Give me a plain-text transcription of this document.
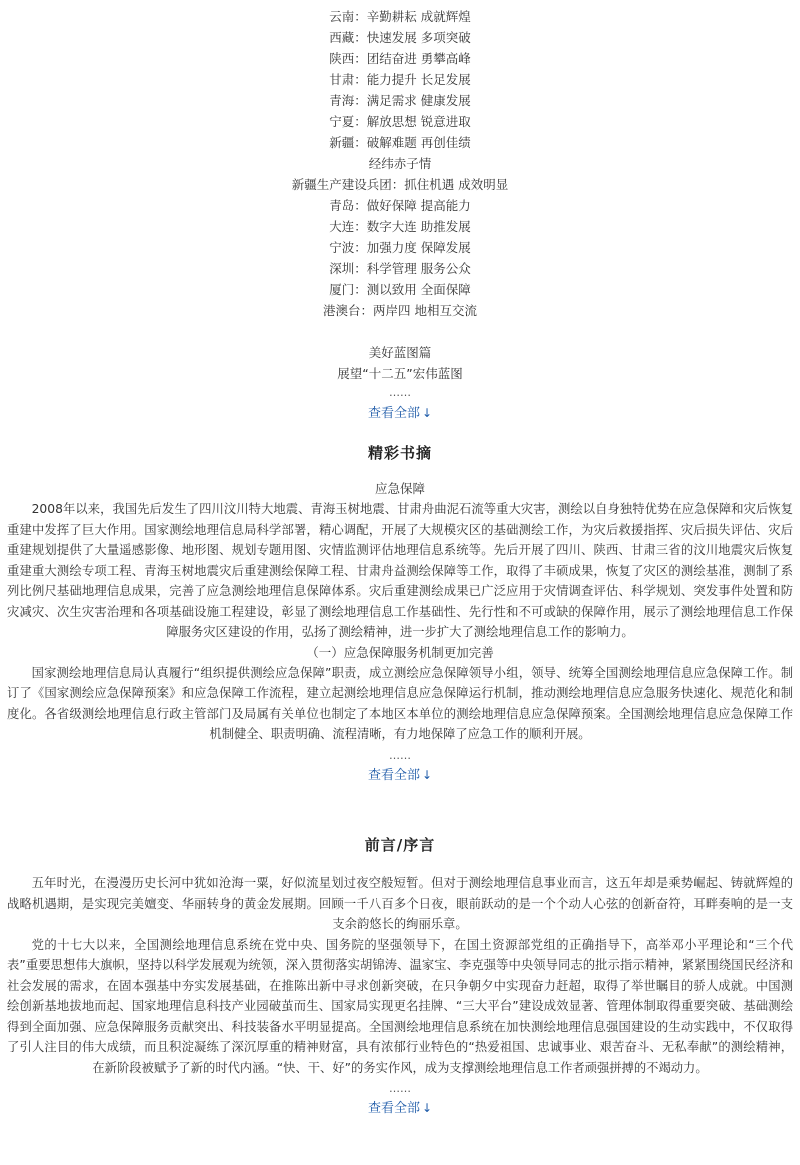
云南：辛勤耕耘 成就辉煌
西藏：快速发展 多项突破
陕西：团结奋进 勇攀高峰
甘肃：能力提升 长足发展
青海：满足需求 健康发展
宁夏：解放思想 锐意进取
新疆：破解难题 再创佳绩
经纬赤子情
新疆生产建设兵团：抓住机遇 成效明显
青岛：做好保障 提高能力
大连：数字大连 助推发展
宁波：加强力度 保障发展
深圳：科学管理 服务公众
厦门：测以致用 全面保障
港澳台：两岸四 地相互交流
美好蓝图篇
展望“十二五”宏伟蓝图
……
查看全部 ↓
精彩书摘
应急保障

2008年以来，我国先后发生了四川汶川特大地震、青海玉树地震、甘肃舟曲泥石流等重大灾害，测绘以自身独特优势在应急保障和灾后恢复重建中发挥了巨大作用。国家测绘地理信息局科学部署，精心调配，开展了大规模灾区的基础测绘工作，为灾后救援指挥、灾后损失评估、灾后重建规划提供了大量遥感影像、地形图、规划专题用图、灾情监测评估地理信息系统等。先后开展了四川、陕西、甘肃三省的汶川地震灾后恢复重建重大测绘专项工程、青海玉树地震灾后重建测绘保障工程、甘肃舟益测绘保障等工作，取得了丰硕成果，恢复了灾区的测绘基准，测制了系列比例尺基础地理信息成果，完善了应急测绘地理信息保障体系。灾后重建测绘成果已广泛应用于灾情调查评估、科学规划、突发事件处置和防灾减灾、次生灾害治理和各项基础设施工程建设，彰显了测绘地理信息工作基础性、先行性和不可或缺的保障作用，展示了测绘地理信息工作保障服务灾区建设的作用，弘扬了测绘精神，进一步扩大了测绘地理信息工作的影响力。

（一）应急保障服务机制更加完善

国家测绘地理信息局认真履行“组织提供测绘应急保障”职责，成立测绘应急保障领导小组，领导、统筹全国测绘地理信息应急保障工作。制订了《国家测绘应急保障预案》和应急保障工作流程，建立起测绘地理信息应急保障运行机制，推动测绘地理信息应急服务快速化、规范化和制度化。各省级测绘地理信息行政主管部门及局属有关单位也制定了本地区本单位的测绘地理信息应急保障预案。全国测绘地理信息应急保障工作机制健全、职责明确、流程清晰，有力地保障了应急工作的顺利开展。

……
查看全部 ↓
前言/序言

五年时光，在漫漫历史长河中犹如沧海一粟，好似流星划过夜空般短暂。但对于测绘地理信息事业而言，这五年却是乘势崛起、铸就辉煌的战略机遇期，是实现完美嬗变、华丽转身的黄金发展期。回顾一千八百多个日夜，眼前跃动的是一个个动人心弦的创新奋符，耳畔奏响的是一支支余韵悠长的绚丽乐章。

党的十七大以来，全国测绘地理信息系统在党中央、国务院的坚强领导下，在国土资源部党组的正确指导下，高举邓小平理论和“三个代表”重要思想伟大旗帜，坚持以科学发展观为统领，深入贯彻落实胡锦涛、温家宝、李克强等中央领导同志的批示指示精神，紧紧围绕国民经济和社会发展的需求，在固本强基中夯实发展基础，在推陈出新中寻求创新突破，在只争朝夕中实现奋力赶超，取得了举世瞩目的骄人成就。中国测绘创新基地拔地而起、国家地理信息科技产业园破茧而生、国家局实现更名挂牌、“三大平台”建设成效显著、管理体制取得重要突破、基础测绘得到全面加强、应急保障服务贡献突出、科技装备水平明显提高。全国测绘地理信息系统在加快测绘地理信息强国建设的生动实践中，不仅取得了引人注目的伟大成绩，而且积淀凝练了深沉厚重的精神财富，具有浓郁行业特色的“热爱祖国、忠诚事业、艰苦奋斗、无私奉献”的测绘精神，在新阶段被赋予了新的时代内涵。“快、干、好”的务实作风，成为支撑测绘地理信息工作者顽强拼搏的不竭动力。

……
查看全部 ↓
